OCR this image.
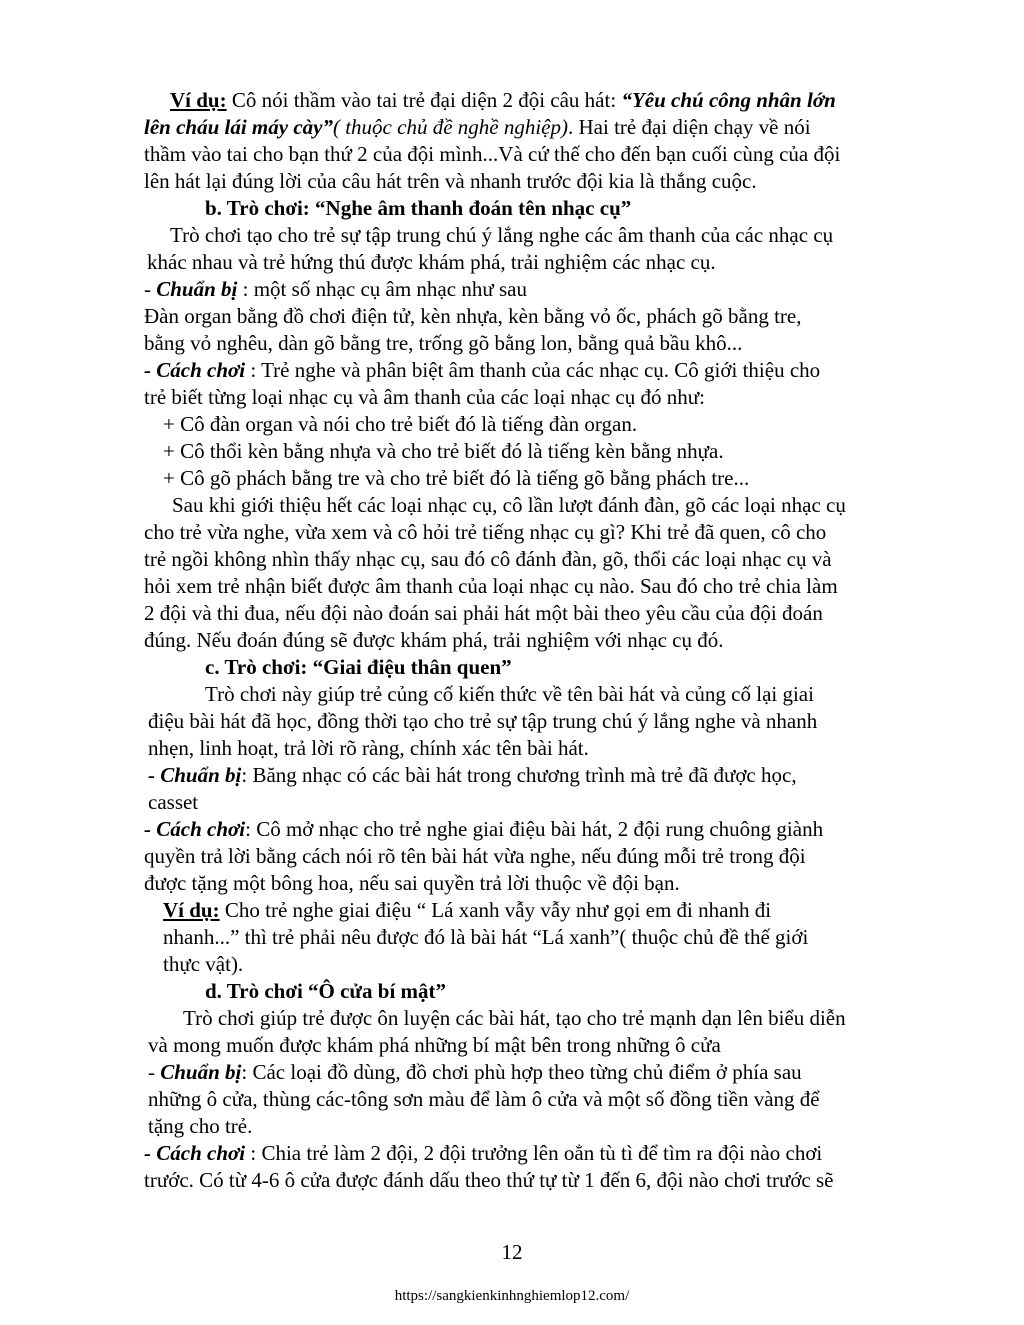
Ví dụ: Cô nói thầm vào tai trẻ đại diện 2 đội câu hát: “Yêu chú công nhân lớn
lên cháu lái máy cày”( thuộc chủ đề nghề nghiệp). Hai trẻ đại diện chạy về nói
thầm vào tai cho bạn thứ 2 của đội mình...Và cứ thế cho đến bạn cuối cùng của đội
lên hát lại đúng lời của câu hát trên và nhanh trước đội kia là thắng cuộc.
b. Trò chơi: “Nghe âm thanh đoán tên nhạc cụ”
Trò chơi tạo cho trẻ sự tập trung chú ý lắng nghe các âm thanh của các nhạc cụ
khác nhau và trẻ hứng thú được khám phá, trải nghiệm các nhạc cụ.
- Chuẩn bị : một số nhạc cụ âm nhạc như sau
Đàn organ bằng đồ chơi điện tử, kèn nhựa, kèn bằng vỏ ốc, phách gõ bằng tre,
bằng vỏ nghêu, dàn gõ bằng tre, trống gõ bằng lon, bằng quả bầu khô...
- Cách chơi : Trẻ nghe và phân biệt âm thanh của các nhạc cụ. Cô giới thiệu cho
trẻ biết từng loại nhạc cụ và âm thanh của các loại nhạc cụ đó như:
+ Cô đàn organ và nói cho trẻ biết đó là tiếng đàn organ.
+ Cô thổi kèn bằng nhựa và cho trẻ biết đó là tiếng kèn bằng nhựa.
+ Cô gõ phách bằng tre và cho trẻ biết đó là tiếng gõ bằng phách tre...
Sau khi giới thiệu hết các loại nhạc cụ, cô lần lượt đánh đàn, gõ các loại nhạc cụ
cho trẻ vừa nghe, vừa xem và cô hỏi trẻ tiếng nhạc cụ gì? Khi trẻ đã quen, cô cho
trẻ ngồi không nhìn thấy nhạc cụ, sau đó cô đánh đàn, gõ, thổi các loại nhạc cụ và
hỏi xem trẻ nhận biết được âm thanh của loại nhạc cụ nào. Sau đó cho trẻ chia làm
2 đội và thi đua, nếu đội nào đoán sai phải hát một bài theo yêu cầu của đội đoán
đúng. Nếu đoán đúng sẽ được khám phá, trải nghiệm với nhạc cụ đó.
c. Trò chơi: “Giai điệu thân quen”
Trò chơi này giúp trẻ củng cố kiến thức về tên bài hát và củng cố lại giai
điệu bài hát đã học, đồng thời tạo cho trẻ sự tập trung chú ý lắng nghe và nhanh
nhẹn, linh hoạt, trả lời rõ ràng, chính xác tên bài hát.
- Chuẩn bị: Băng nhạc có các bài hát trong chương trình mà trẻ đã được học,
casset
- Cách chơi: Cô mở nhạc cho trẻ nghe giai điệu bài hát, 2 đội rung chuông giành
quyền trả lời bằng cách nói rõ tên bài hát vừa nghe, nếu đúng mỗi trẻ trong đội
được tặng một bông hoa, nếu sai quyền trả lời thuộc về đội bạn.
Ví dụ: Cho trẻ nghe giai điệu “ Lá xanh vẫy vẫy như gọi em đi nhanh đi
nhanh...” thì trẻ phải nêu được đó là bài hát “Lá xanh”( thuộc chủ đề thế giới
thực vật).
d. Trò chơi “Ô cửa bí mật”
Trò chơi giúp trẻ được ôn luyện các bài hát, tạo cho trẻ mạnh dạn lên biểu diễn
và mong muốn được khám phá những bí mật bên trong những ô cửa
- Chuẩn bị: Các loại đồ dùng, đồ chơi phù hợp theo từng chủ điểm ở phía sau
những ô cửa, thùng các-tông sơn màu để làm ô cửa và một số đồng tiền vàng để
tặng cho trẻ.
- Cách chơi : Chia trẻ làm 2 đội, 2 đội trưởng lên oẳn tù tì để tìm ra đội nào chơi
trước. Có từ 4-6 ô cửa được đánh dấu theo thứ tự từ 1 đến 6, đội nào chơi trước sẽ
12
https://sangkienkinhnghiemlop12.com/
